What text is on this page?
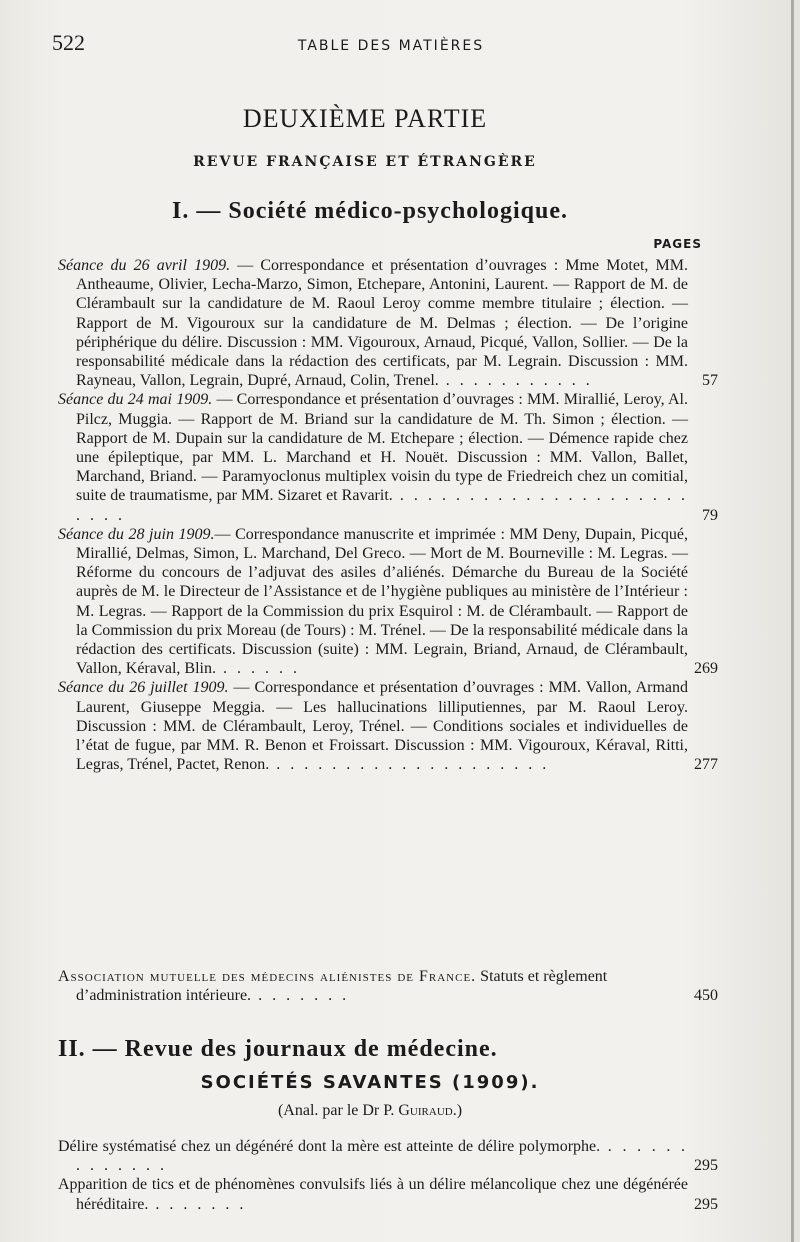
522	TABLE DES MATIÈRES
DEUXIÈME PARTIE
REVUE FRANÇAISE ET ÉTRANGÈRE
I. — Société médico-psychologique.
PAGES
Séance du 26 avril 1909. — Correspondance et présentation d’ouvrages : Mme Motet, MM. Antheaume, Olivier, Lecha-Marzo, Simon, Etchepare, Antonini, Laurent. — Rapport de M. de Clérambault sur la candidature de M. Raoul Leroy comme membre titulaire ; élection. — Rapport de M. Vigouroux sur la candidature de M. Delmas ; élection. — De l’origine périphérique du délire. Discussion : MM. Vigouroux, Arnaud, Picqué, Vallon, Sollier. — De la responsabilité médicale dans la rédaction des certificats, par M. Legrain. Discussion : MM. Rayneau, Vallon, Legrain, Dupré, Arnaud, Colin, Trenel. . . . . . . . . . . .	57
Séance du 24 mai 1909. — Correspondance et présentation d’ouvrages : MM. Mirallié, Leroy, Al. Pilcz, Muggia. — Rapport de M. Briand sur la candidature de M. Th. Simon ; élection. — Rapport de M. Dupain sur la candidature de M. Etchepare ; élection. — Démence rapide chez une épileptique, par MM. L. Marchand et H. Nouët. Discussion : MM. Vallon, Ballet, Marchand, Briand. — Paramyoclonus multiplex voisin du type de Friedreich chez un comitial, suite de traumatisme, par MM. Sizaret et Ravarit. . . . . . . . . . . . . . . . . . . . . . . . . .	79
Séance du 28 juin 1909.— Correspondance manuscrite et imprimée : MM Deny, Dupain, Picqué, Mirallié, Delmas, Simon, L. Marchand, Del Greco. — Mort de M. Bourneville : M. Legras. — Réforme du concours de l’adjuvat des asiles d’aliénés. Démarche du Bureau de la Société auprès de M. le Directeur de l’Assistance et de l’hygiène publiques au ministère de l’Intérieur : M. Legras. — Rapport de la Commission du prix Esquirol : M. de Clérambault. — Rapport de la Commission du prix Moreau (de Tours) : M. Trénel. — De la responsabilité médicale dans la rédaction des certificats. Discussion (suite) : MM. Legrain, Briand, Arnaud, de Clérambault, Vallon, Kéraval, Blin. . . . . . .	269
Séance du 26 juillet 1909. — Correspondance et présentation d’ouvrages : MM. Vallon, Armand Laurent, Giuseppe Meggia. — Les hallucinations lilliputiennes, par M. Raoul Leroy. Discussion : MM. de Clérambault, Leroy, Trénel. — Conditions sociales et individuelles de l’état de fugue, par MM. R. Benon et Froissart. Discussion : MM. Vigouroux, Kéraval, Ritti, Legras, Trénel, Pactet, Renon. . . . . . . . . . . . . . . . . . . . .	277
Association mutuelle des médecins aliénistes de France. Statuts et règlement d’administration intérieure. . . . . . . .	450
II. — Revue des journaux de médecine.
SOCIÉTÉS SAVANTES (1909).
(Anal. par le Dr P. Guiraud.)
Délire systématisé chez un dégénéré dont la mère est atteinte de délire polymorphe. . . . . . . . . . . . . .	295
Apparition de tics et de phénomènes convulsifs liés à un délire mélancolique chez une dégénérée héréditaire. . . . . . . .	295
